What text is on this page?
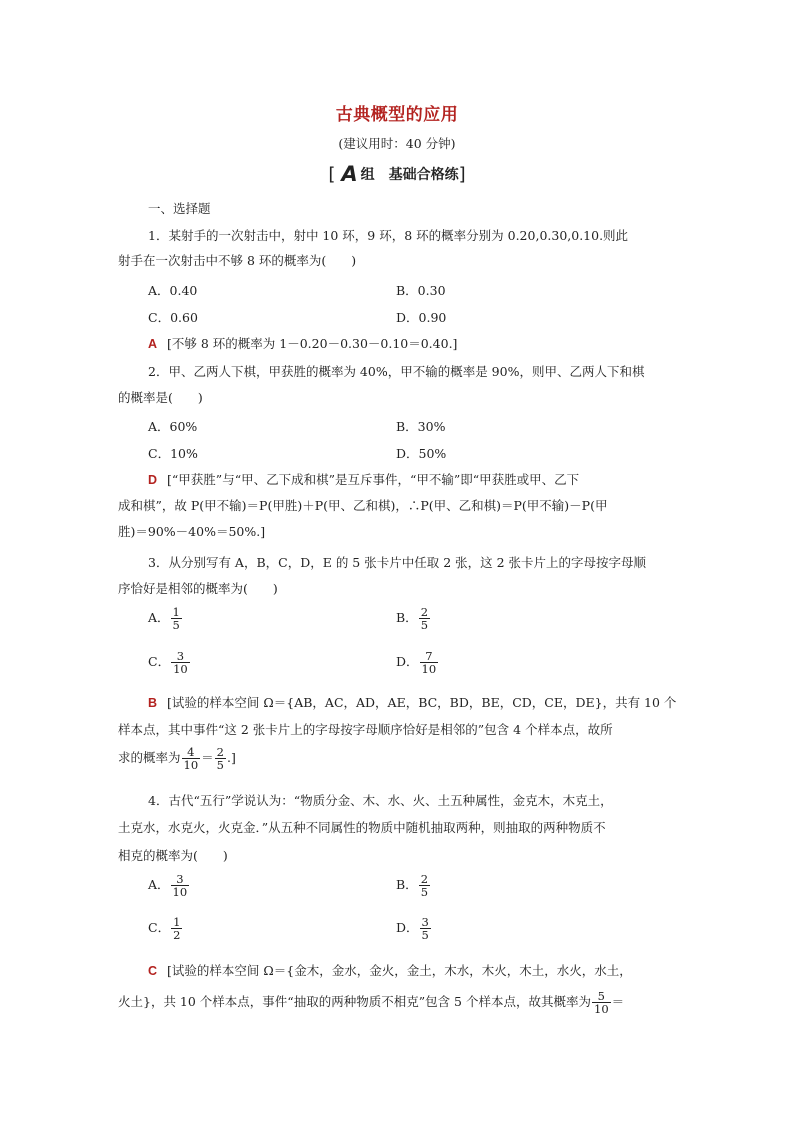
古典概型的应用
(建议用时：40 分钟)
[ A 组 基础合格练]
一、选择题
1．某射手的一次射击中，射中 10 环，9 环，8 环的概率分别为 0.20,0.30,0.10.则此
射手在一次射击中不够 8 环的概率为(　　)
A．0.40	B．0.30
C．0.60	D．0.90
A [不够 8 环的概率为 1－0.20－0.30－0.10＝0.40.]
2．甲、乙两人下棋，甲获胜的概率为 40%，甲不输的概率是 90%，则甲、乙两人下和棋
的概率是(　　)
A．60%	B．30%
C．10%	D．50%
D [“甲获胜”与“甲、乙下成和棋”是互斥事件，“甲不输”即“甲获胜或甲、乙下
成和棋”，故 P(甲不输)＝P(甲胜)＋P(甲、乙和棋)，∴P(甲、乙和棋)＝P(甲不输)－P(甲
胜)＝90%－40%＝50%.]
3．从分别写有 A，B，C，D，E 的 5 张卡片中任取 2 张，这 2 张卡片上的字母按字母顺
序恰好是相邻的概率为(　　)
A． $\frac{1}{5}$	B． $\frac{2}{5}$
C． $\frac{3}{10}$	D． $\frac{7}{10}$
B [试验的样本空间 Ω＝{AB，AC，AD，AE，BC，BD，BE，CD，CE，DE}，共有 10 个
样本点，其中事件“这 2 张卡片上的字母按字母顺序恰好是相邻的”包含 4 个样本点，故所
求的概率为 $\frac{4}{10} = \frac{2}{5}$ .]
4．古代“五行”学说认为：“物质分金、木、水、火、土五种属性，金克木，木克土，
土克水，水克火，火克金．”从五种不同属性的物质中随机抽取两种，则抽取的两种物质不
相克的概率为(　　)
A． $\frac{3}{10}$	B． $\frac{2}{5}$
C． $\frac{1}{2}$	D． $\frac{3}{5}$
C [试验的样本空间 Ω＝{金木，金水，金火，金土，木水，木火，木土，水火，水土，
火土}，共 10 个样本点，事件“抽取的两种物质不相克”包含 5 个样本点，故其概率为 $\frac{5}{10}$ ＝
